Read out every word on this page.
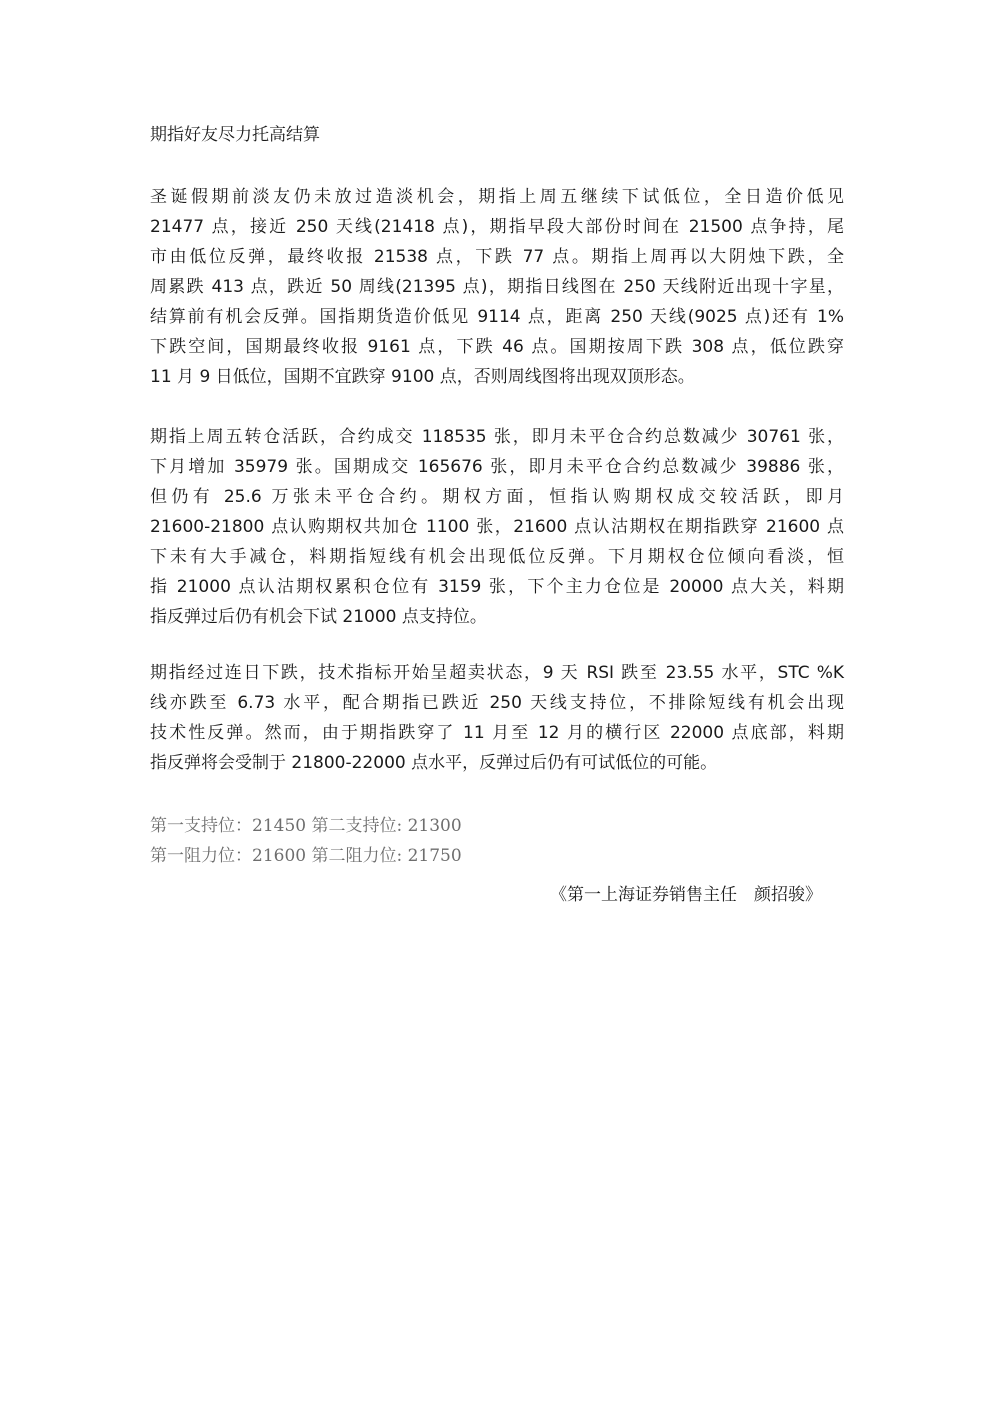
期指好友尽力托高结算
圣诞假期前淡友仍未放过造淡机会，期指上周五继续下试低位，全日造价低见
21477 点，接近 250 天线(21418 点)，期指早段大部份时间在 21500 点争持，尾
市由低位反弹，最终收报 21538 点，下跌 77 点。期指上周再以大阴烛下跌，全
周累跌 413 点，跌近 50 周线(21395 点)，期指日线图在 250 天线附近出现十字星，
结算前有机会反弹。国指期货造价低见 9114 点，距离 250 天线(9025 点)还有 1%
下跌空间，国期最终收报 9161 点，下跌 46 点。国期按周下跌 308 点，低位跌穿
11 月 9 日低位，国期不宜跌穿 9100 点，否则周线图将出现双顶形态。
期指上周五转仓活跃，合约成交 118535 张，即月未平仓合约总数减少 30761 张，
下月增加 35979 张。国期成交 165676 张，即月未平仓合约总数减少 39886 张，
但仍有 25.6 万张未平仓合约。期权方面，恒指认购期权成交较活跃，即月
21600-21800 点认购期权共加仓 1100 张，21600 点认沽期权在期指跌穿 21600 点
下未有大手减仓，料期指短线有机会出现低位反弹。下月期权仓位倾向看淡，恒
指 21000 点认沽期权累积仓位有 3159 张，下个主力仓位是 20000 点大关，料期
指反弹过后仍有机会下试 21000 点支持位。
期指经过连日下跌，技术指标开始呈超卖状态，9 天 RSI 跌至 23.55 水平，STC %K
线亦跌至 6.73 水平，配合期指已跌近 250 天线支持位，不排除短线有机会出现
技术性反弹。然而，由于期指跌穿了 11 月至 12 月的横行区 22000 点底部，料期
指反弹将会受制于 21800-22000 点水平，反弹过后仍有可试低位的可能。
第一支持位：21450 第二支持位: 21300
第一阻力位：21600 第二阻力位: 21750
《第一上海证券销售主任　颜招骏》
